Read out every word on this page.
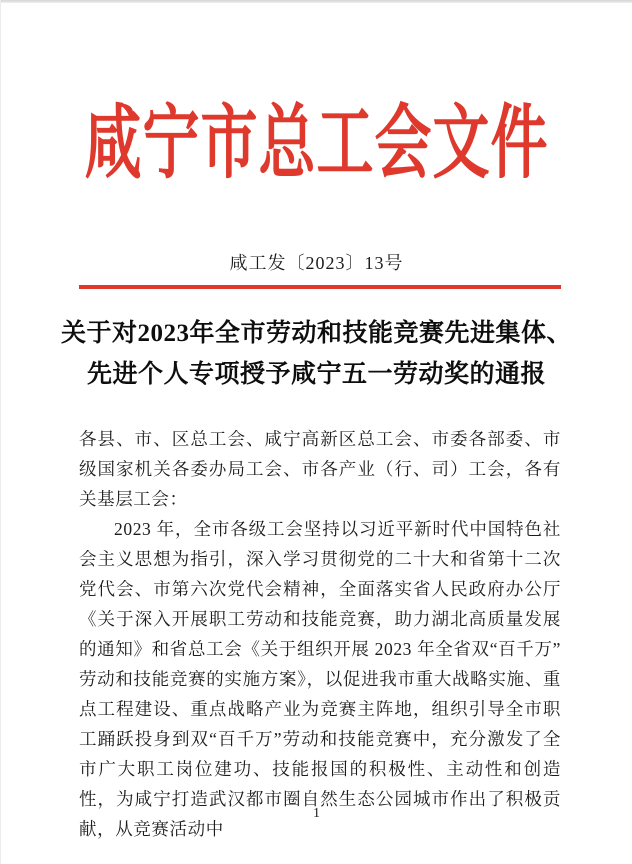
咸宁市总工会文件
咸工发〔2023〕13号
关于对2023年全市劳动和技能竞赛先进集体、
先进个人专项授予咸宁五一劳动奖的通报

各县、市、区总工会、咸宁高新区总工会、市委各部委、市级国家机关各委办局工会、市各产业（行、司）工会，各有关基层工会：

2023 年，全市各级工会坚持以习近平新时代中国特色社会主义思想为指引，深入学习贯彻党的二十大和省第十二次党代会、市第六次党代会精神，全面落实省人民政府办公厅《关于深入开展职工劳动和技能竞赛，助力湖北高质量发展的通知》和省总工会《关于组织开展 2023 年全省双“百千万”劳动和技能竞赛的实施方案》，以促进我市重大战略实施、重点工程建设、重点战略产业为竞赛主阵地，组织引导全市职工踊跃投身到双“百千万”劳动和技能竞赛中，充分激发了全市广大职工岗位建功、技能报国的积极性、主动性和创造性，为咸宁打造武汉都市圈自然生态公园城市作出了积极贡献，从竞赛活动中

1
